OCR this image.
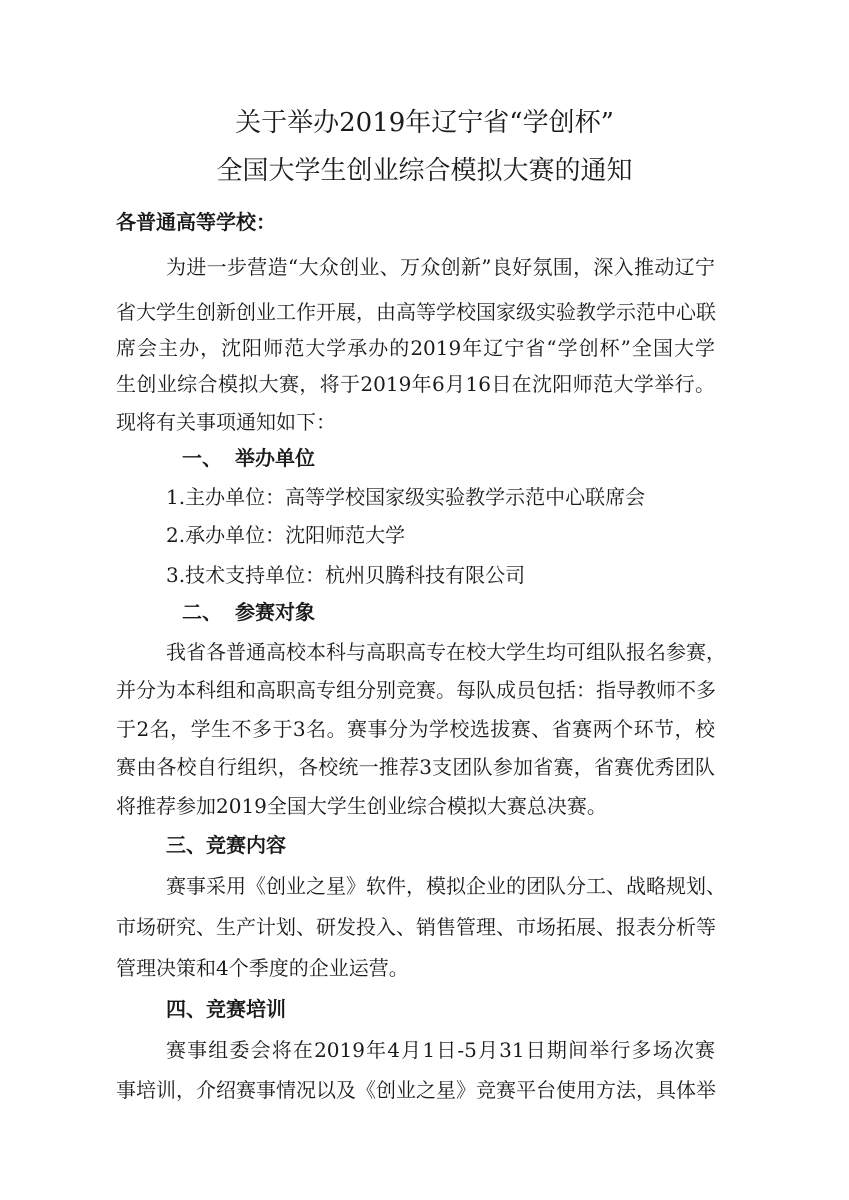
关于举办2019年辽宁省“学创杯”
全国大学生创业综合模拟大赛的通知
各普通高等学校：
为进一步营造“大众创业、万众创新”良好氛围，深入推动辽宁
省大学生创新创业工作开展，由高等学校国家级实验教学示范中心联
席会主办，沈阳师范大学承办的2019年辽宁省“学创杯”全国大学
生创业综合模拟大赛，将于2019年6月16日在沈阳师范大学举行。
现将有关事项通知如下：
一、 举办单位
1.主办单位：高等学校国家级实验教学示范中心联席会
2.承办单位：沈阳师范大学
3.技术支持单位：杭州贝腾科技有限公司
二、 参赛对象
我省各普通高校本科与高职高专在校大学生均可组队报名参赛，
并分为本科组和高职高专组分别竞赛。每队成员包括：指导教师不多
于2名，学生不多于3名。赛事分为学校选拔赛、省赛两个环节，校
赛由各校自行组织，各校统一推荐3支团队参加省赛，省赛优秀团队
将推荐参加2019全国大学生创业综合模拟大赛总决赛。
三、竞赛内容
赛事采用《创业之星》软件，模拟企业的团队分工、战略规划、
市场研究、生产计划、研发投入、销售管理、市场拓展、报表分析等
管理决策和4个季度的企业运营。
四、竞赛培训
赛事组委会将在2019年4月1日-5月31日期间举行多场次赛
事培训，介绍赛事情况以及《创业之星》竞赛平台使用方法，具体举
